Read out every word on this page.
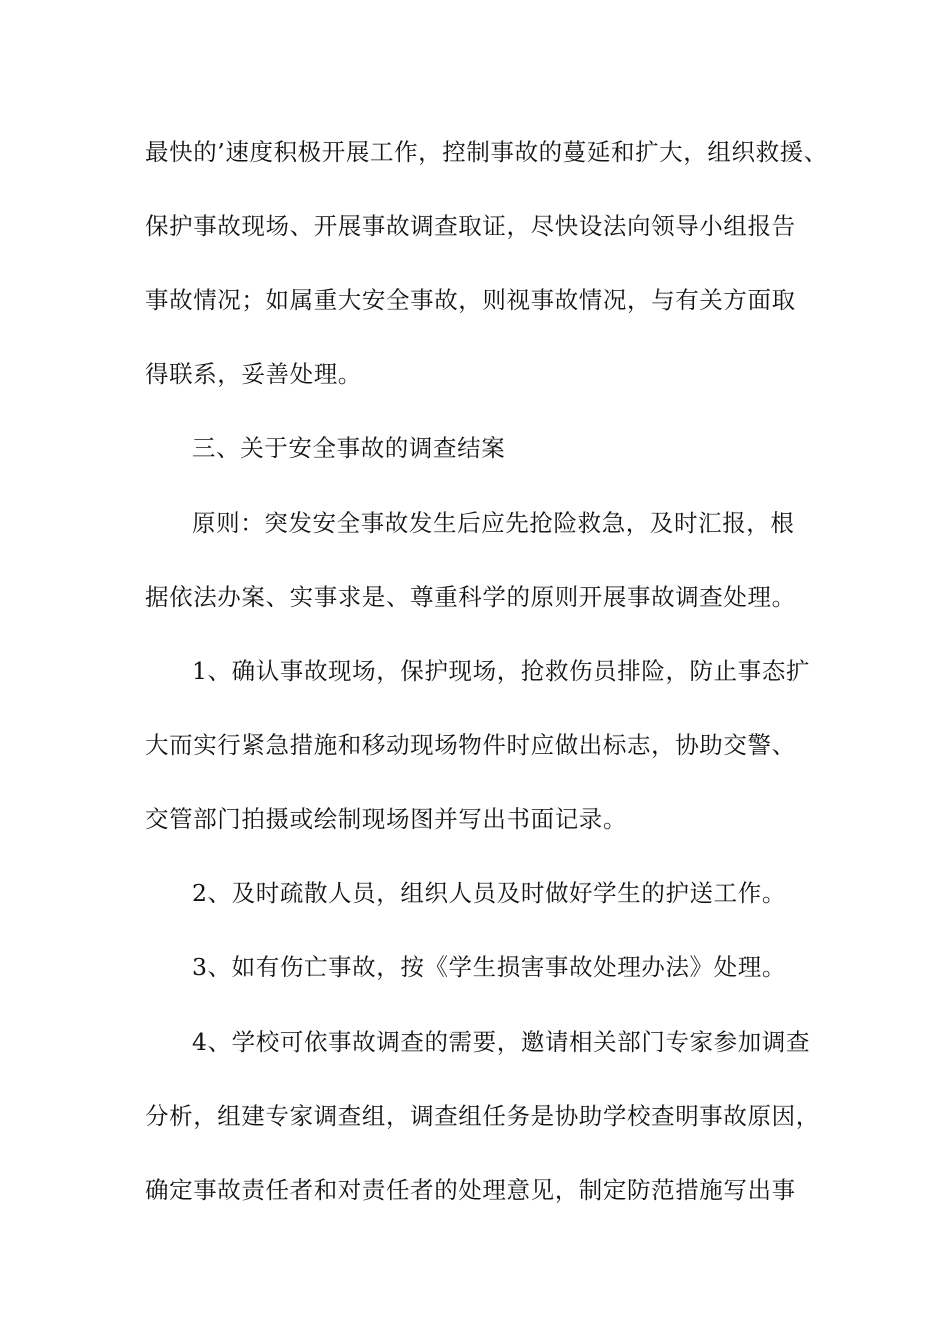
最快的’速度积极开展工作，控制事故的蔓延和扩大，组织救援、
保护事故现场、开展事故调查取证，尽快设法向领导小组报告
事故情况；如属重大安全事故，则视事故情况，与有关方面取
得联系，妥善处理。
三、关于安全事故的调查结案
原则：突发安全事故发生后应先抢险救急，及时汇报，根
据依法办案、实事求是、尊重科学的原则开展事故调查处理。
1、确认事故现场，保护现场，抢救伤员排险，防止事态扩
大而实行紧急措施和移动现场物件时应做出标志，协助交警、
交管部门拍摄或绘制现场图并写出书面记录。
2、及时疏散人员，组织人员及时做好学生的护送工作。
3、如有伤亡事故，按《学生损害事故处理办法》处理。
4、学校可依事故调查的需要，邀请相关部门专家参加调查
分析，组建专家调查组，调查组任务是协助学校查明事故原因，
确定事故责任者和对责任者的处理意见，制定防范措施写出事
